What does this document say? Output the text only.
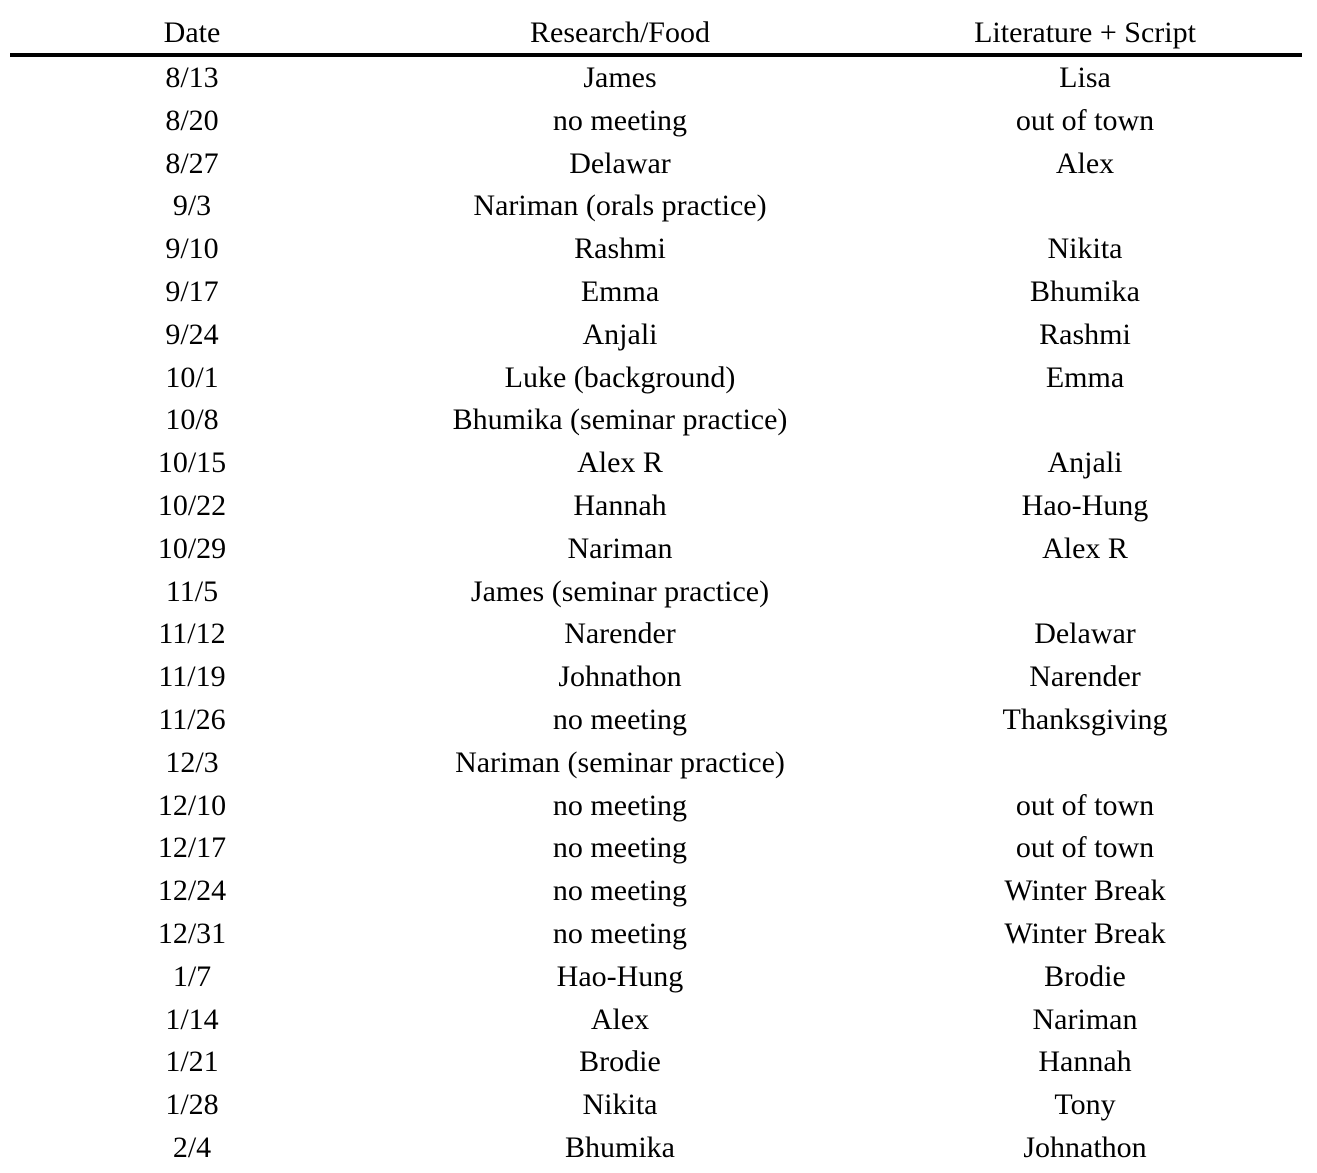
Date	Research/Food	Literature + Script
8/13	James	Lisa
8/20	no meeting	out of town
8/27	Delawar	Alex
9/3	Nariman (orals practice)
9/10	Rashmi	Nikita
9/17	Emma	Bhumika
9/24	Anjali	Rashmi
10/1	Luke (background)	Emma
10/8	Bhumika (seminar practice)
10/15	Alex R	Anjali
10/22	Hannah	Hao-Hung
10/29	Nariman	Alex R
11/5	James (seminar practice)
11/12	Narender	Delawar
11/19	Johnathon	Narender
11/26	no meeting	Thanksgiving
12/3	Nariman (seminar practice)
12/10	no meeting	out of town
12/17	no meeting	out of town
12/24	no meeting	Winter Break
12/31	no meeting	Winter Break
1/7	Hao-Hung	Brodie
1/14	Alex	Nariman
1/21	Brodie	Hannah
1/28	Nikita	Tony
2/4	Bhumika	Johnathon
